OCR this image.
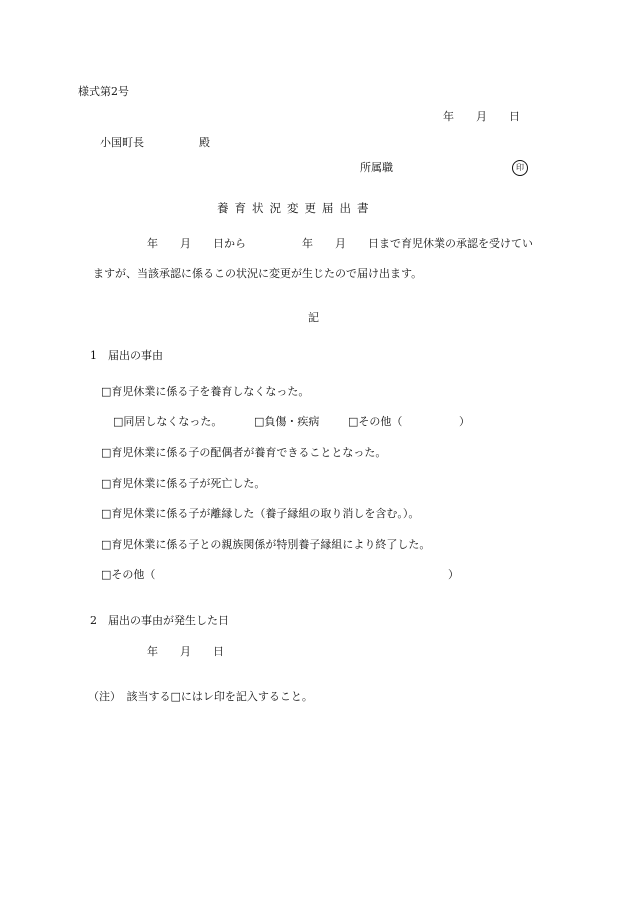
様式第2号
年　　月　　日
小国町長　　　　　殿
所属職	印
養育状況変更届出書
年　　月　　日から	年　　月　　日まで育児休業の承認を受けてい
ますが、当該承認に係るこの状況に変更が生じたので届け出ます。
記
1　届出の事由
□育児休業に係る子を養育しなくなった。
□同居しなくなった。	□負傷・疾病	□その他（	）
□育児休業に係る子の配偶者が養育できることとなった。
□育児休業に係る子が死亡した。
□育児休業に係る子が離縁した（養子縁組の取り消しを含む。）。
□育児休業に係る子との親族関係が特別養子縁組により終了した。
□その他（	）
2　届出の事由が発生した日
年　　月　　日
（注）　該当する□にはレ印を記入すること。
